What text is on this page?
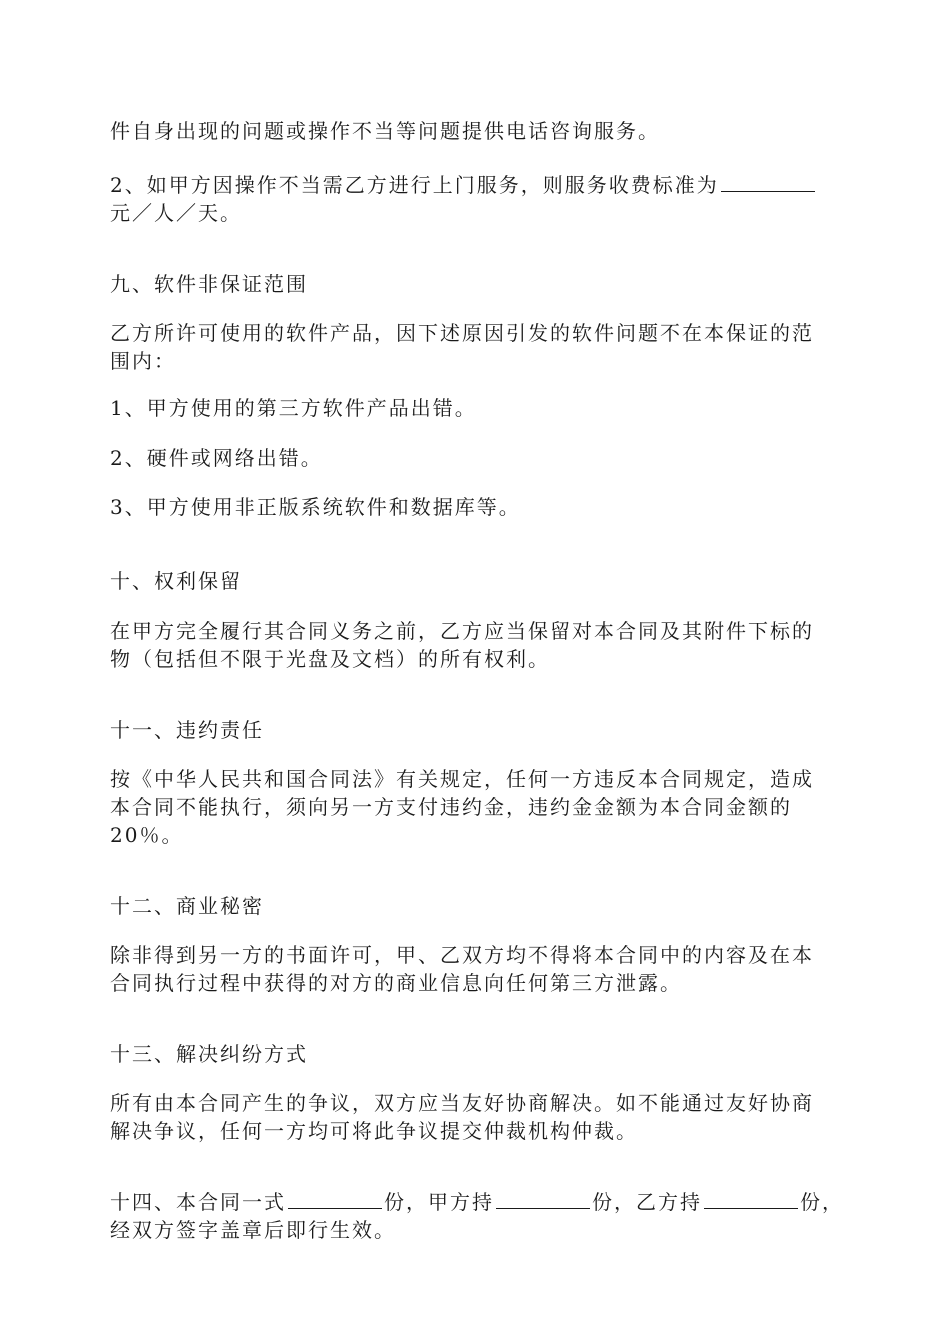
件自身出现的问题或操作不当等问题提供电话咨询服务。
2、如甲方因操作不当需乙方进行上门服务，则服务收费标准为
元／人／天。
九、软件非保证范围
乙方所许可使用的软件产品，因下述原因引发的软件问题不在本保证的范
围内：
1、甲方使用的第三方软件产品出错。
2、硬件或网络出错。
3、甲方使用非正版系统软件和数据库等。
十、权利保留
在甲方完全履行其合同义务之前，乙方应当保留对本合同及其附件下标的
物（包括但不限于光盘及文档）的所有权利。
十一、违约责任
按《中华人民共和国合同法》有关规定，任何一方违反本合同规定，造成
本合同不能执行，须向另一方支付违约金，违约金金额为本合同金额的
20％。
十二、商业秘密
除非得到另一方的书面许可，甲、乙双方均不得将本合同中的内容及在本
合同执行过程中获得的对方的商业信息向任何第三方泄露。
十三、解决纠纷方式
所有由本合同产生的争议，双方应当友好协商解决。如不能通过友好协商
解决争议，任何一方均可将此争议提交仲裁机构仲裁。
十四、本合同一式	份，甲方持	份，乙方持	份，
经双方签字盖章后即行生效。
